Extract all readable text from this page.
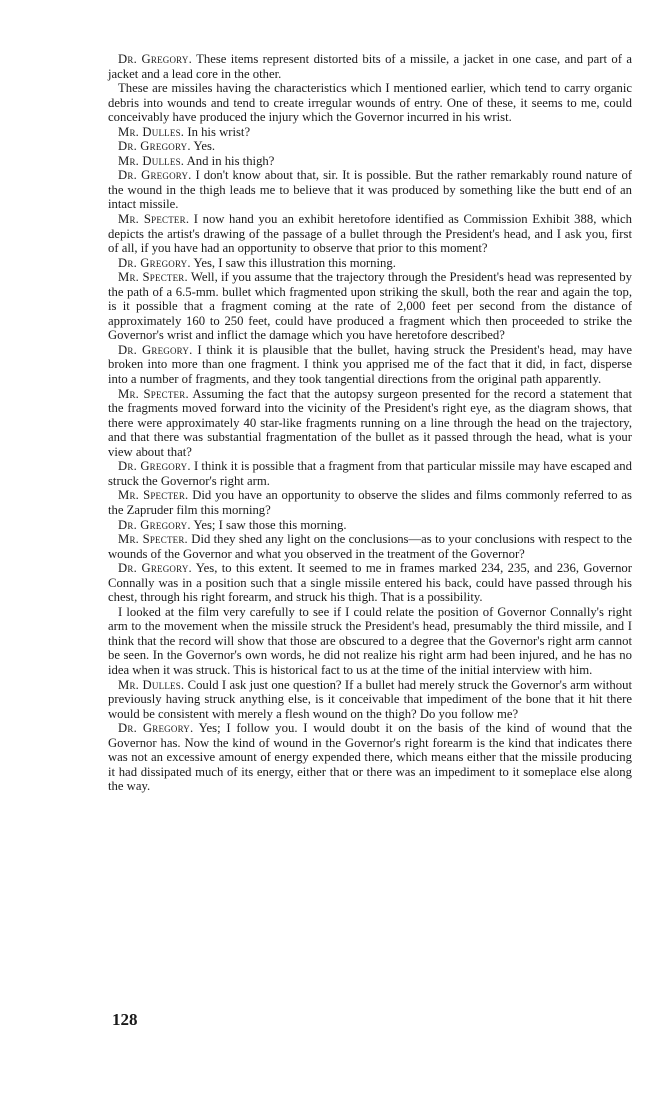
Dr. Gregory. These items represent distorted bits of a missile, a jacket in one case, and part of a jacket and a lead core in the other.

These are missiles having the characteristics which I mentioned earlier, which tend to carry organic debris into wounds and tend to create irregular wounds of entry. One of these, it seems to me, could conceivably have produced the injury which the Governor incurred in his wrist.

Mr. Dulles. In his wrist?

Dr. Gregory. Yes.

Mr. Dulles. And in his thigh?

Dr. Gregory. I don't know about that, sir. It is possible. But the rather remarkably round nature of the wound in the thigh leads me to believe that it was produced by something like the butt end of an intact missile.

Mr. Specter. I now hand you an exhibit heretofore identified as Commission Exhibit 388, which depicts the artist's drawing of the passage of a bullet through the President's head, and I ask you, first of all, if you have had an opportunity to observe that prior to this moment?

Dr. Gregory. Yes, I saw this illustration this morning.

Mr. Specter. Well, if you assume that the trajectory through the President's head was represented by the path of a 6.5-mm. bullet which fragmented upon striking the skull, both the rear and again the top, is it possible that a fragment coming at the rate of 2,000 feet per second from the distance of approximately 160 to 250 feet, could have produced a fragment which then proceeded to strike the Governor's wrist and inflict the damage which you have heretofore described?

Dr. Gregory. I think it is plausible that the bullet, having struck the President's head, may have broken into more than one fragment. I think you apprised me of the fact that it did, in fact, disperse into a number of fragments, and they took tangential directions from the original path apparently.

Mr. Specter. Assuming the fact that the autopsy surgeon presented for the record a statement that the fragments moved forward into the vicinity of the President's right eye, as the diagram shows, that there were approximately 40 star-like fragments running on a line through the head on the trajectory, and that there was substantial fragmentation of the bullet as it passed through the head, what is your view about that?

Dr. Gregory. I think it is possible that a fragment from that particular missile may have escaped and struck the Governor's right arm.

Mr. Specter. Did you have an opportunity to observe the slides and films commonly referred to as the Zapruder film this morning?

Dr. Gregory. Yes; I saw those this morning.

Mr. Specter. Did they shed any light on the conclusions—as to your conclusions with respect to the wounds of the Governor and what you observed in the treatment of the Governor?

Dr. Gregory. Yes, to this extent. It seemed to me in frames marked 234, 235, and 236, Governor Connally was in a position such that a single missile entered his back, could have passed through his chest, through his right forearm, and struck his thigh. That is a possibility.

I looked at the film very carefully to see if I could relate the position of Governor Connally's right arm to the movement when the missile struck the President's head, presumably the third missile, and I think that the record will show that those are obscured to a degree that the Governor's right arm cannot be seen. In the Governor's own words, he did not realize his right arm had been injured, and he has no idea when it was struck. This is historical fact to us at the time of the initial interview with him.

Mr. Dulles. Could I ask just one question? If a bullet had merely struck the Governor's arm without previously having struck anything else, is it conceivable that impediment of the bone that it hit there would be consistent with merely a flesh wound on the thigh? Do you follow me?

Dr. Gregory. Yes; I follow you. I would doubt it on the basis of the kind of wound that the Governor has. Now the kind of wound in the Governor's right forearm is the kind that indicates there was not an excessive amount of energy expended there, which means either that the missile producing it had dissipated much of its energy, either that or there was an impediment to it someplace else along the way.

128
